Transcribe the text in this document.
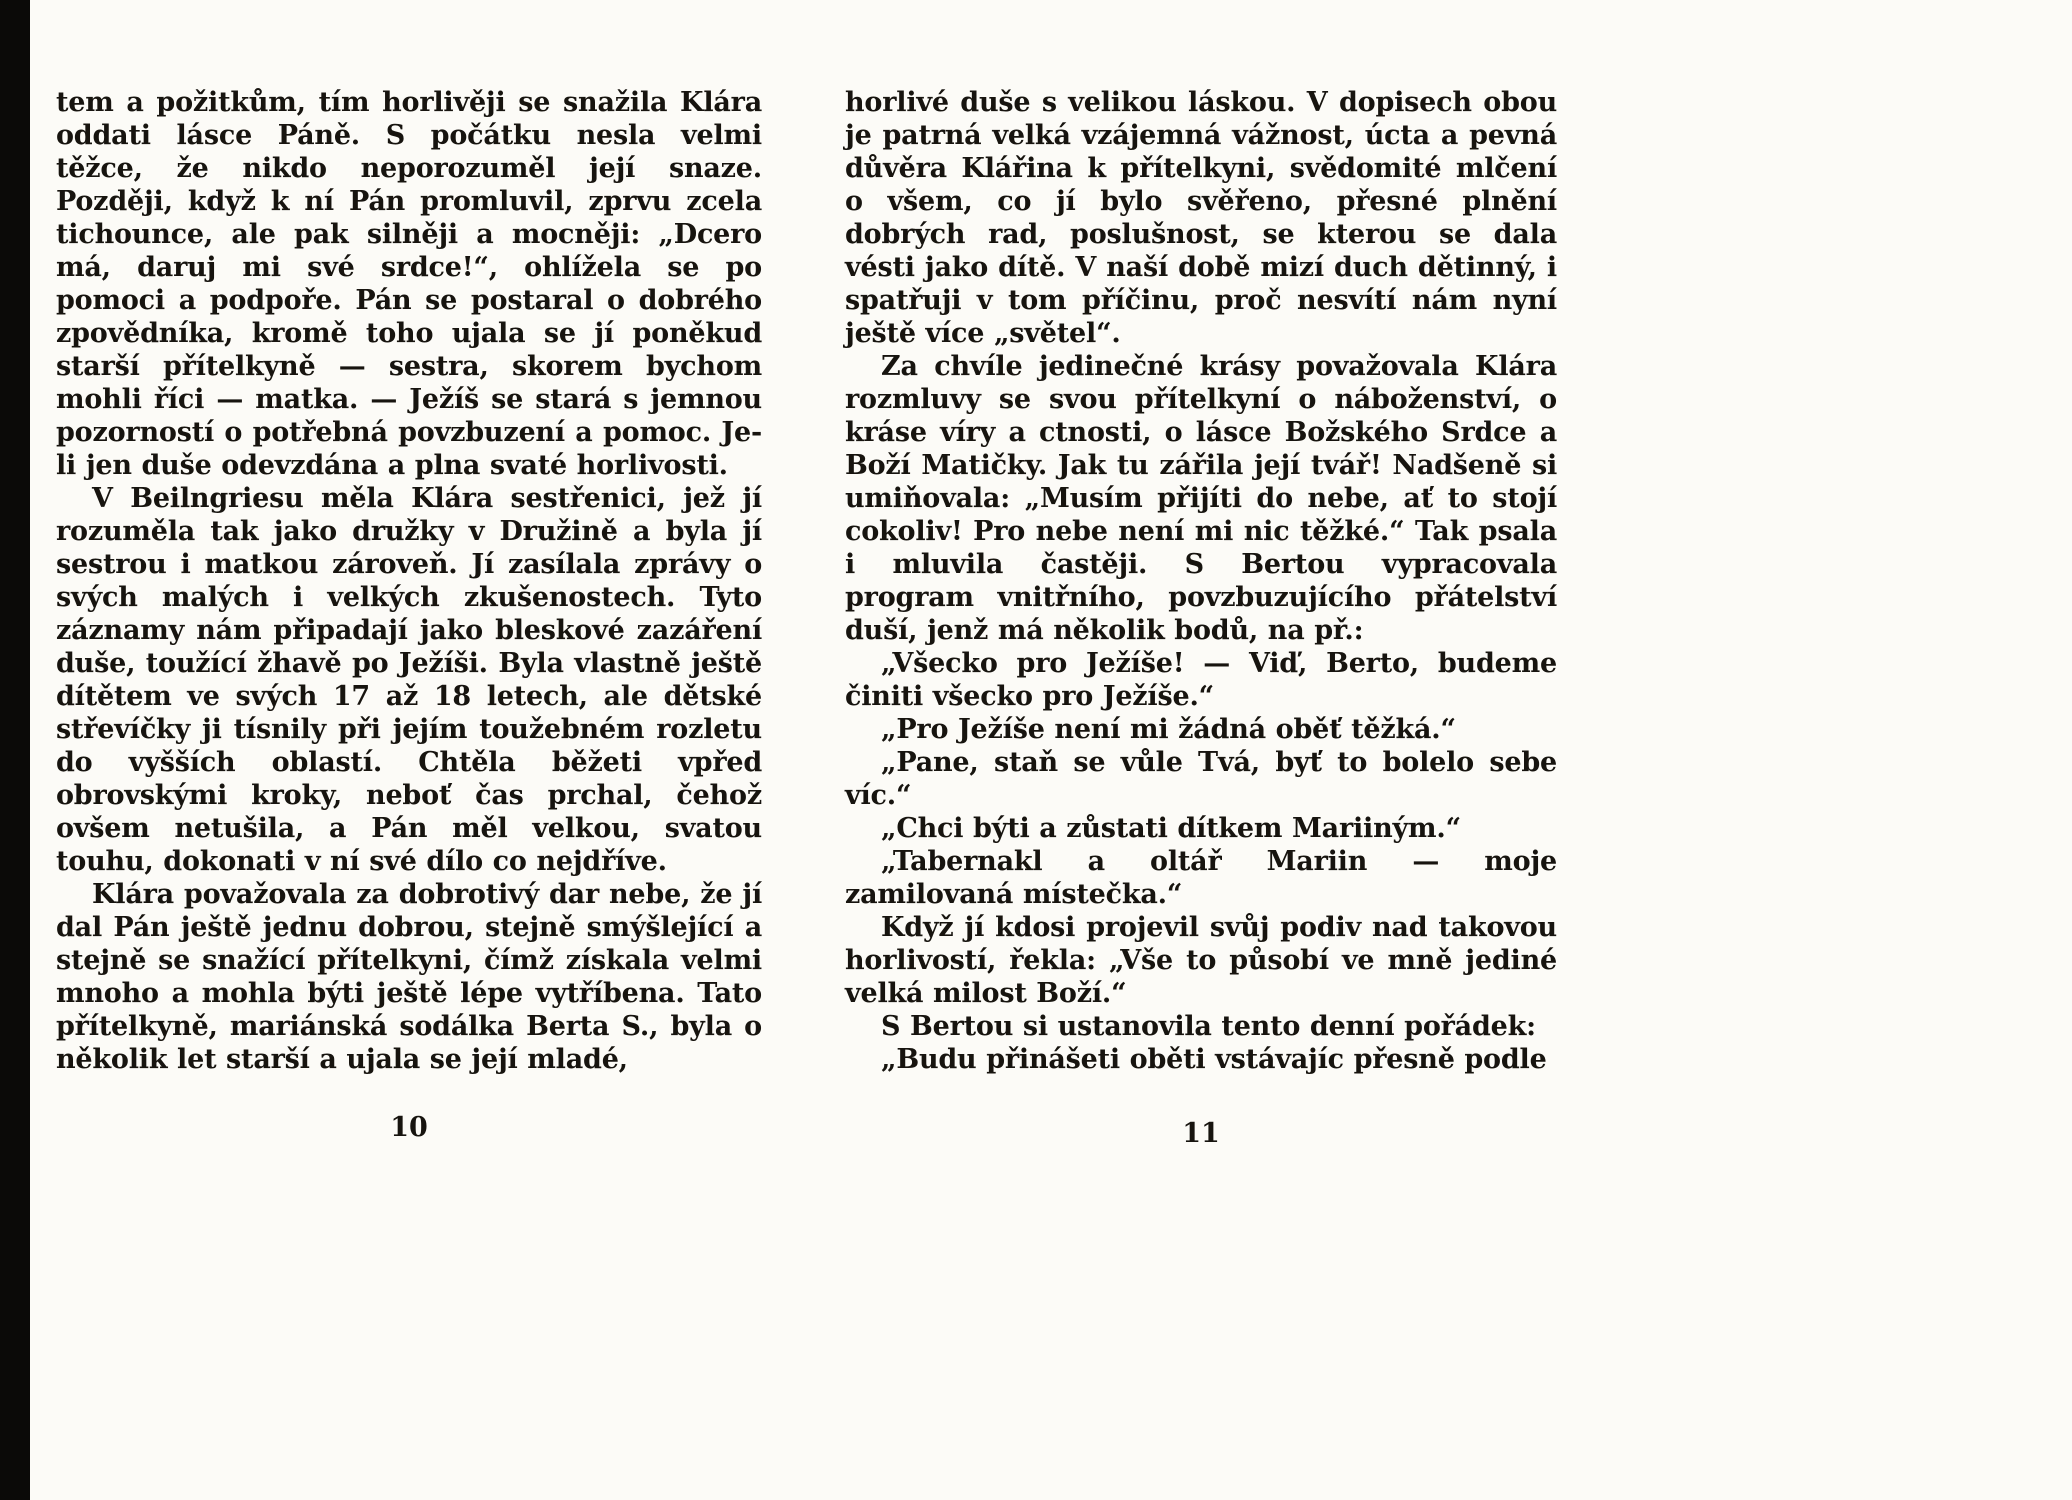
tem a požitkům, tím horlivěji se snažila Klára oddati lásce Páně. S počátku nesla velmi těžce, že nikdo neporozuměl její snaze. Později, když k ní Pán promluvil, zprvu zcela tichounce, ale pak silněji a mocněji: „Dcero má, daruj mi své srdce!“, ohlížela se po pomoci a podpoře. Pán se postaral o dobrého zpovědníka, kromě toho ujala se jí poněkud starší přítelkyně — sestra, skorem bychom mohli říci — matka. — Ježíš se stará s jemnou pozorností o potřebná povzbuzení a pomoc. Je-li jen duše odevzdána a plna svaté horlivosti.

V Beilngriesu měla Klára sestřenici, jež jí rozuměla tak jako družky v Družině a byla jí sestrou i matkou zároveň. Jí zasílala zprávy o svých malých i velkých zkušenostech. Tyto záznamy nám připadají jako bleskové zazáření duše, toužící žhavě po Ježíši. Byla vlastně ještě dítětem ve svých 17 až 18 letech, ale dětské střevíčky ji tísnily při jejím toužebném rozletu do vyšších oblastí. Chtěla běžeti vpřed obrovskými kroky, neboť čas prchal, čehož ovšem netušila, a Pán měl velkou, svatou touhu, dokonati v ní své dílo co nejdříve.

Klára považovala za dobrotivý dar nebe, že jí dal Pán ještě jednu dobrou, stejně smýšlející a stejně se snažící přítelkyni, čímž získala velmi mnoho a mohla býti ještě lépe vytříbena. Tato přítelkyně, mariánská sodálka Berta S., byla o několik let starší a ujala se její mladé,

10

horlivé duše s velikou láskou. V dopisech obou je patrná velká vzájemná vážnost, úcta a pevná důvěra Klářina k přítelkyni, svědomité mlčení o všem, co jí bylo svěřeno, přesné plnění dobrých rad, poslušnost, se kterou se dala vésti jako dítě. V naší době mizí duch dětinný, i spatřuji v tom příčinu, proč nesvítí nám nyní ještě více „světel“.

Za chvíle jedinečné krásy považovala Klára rozmluvy se svou přítelkyní o náboženství, o kráse víry a ctnosti, o lásce Božského Srdce a Boží Matičky. Jak tu zářila její tvář! Nadšeně si umiňovala: „Musím přijíti do nebe, ať to stojí cokoliv! Pro nebe není mi nic těžké.“ Tak psala i mluvila častěji. S Bertou vypracovala program vnitřního, povzbuzujícího přátelství duší, jenž má několik bodů, na př.:

„Všecko pro Ježíše! — Viď, Berto, budeme činiti všecko pro Ježíše.“

„Pro Ježíše není mi žádná oběť těžká.“

„Pane, staň se vůle Tvá, byť to bolelo sebe víc.“

„Chci býti a zůstati dítkem Mariiným.“

„Tabernakl a oltář Mariin — moje zamilovaná místečka.“

Když jí kdosi projevil svůj podiv nad takovou horlivostí, řekla: „Vše to působí ve mně jediné velká milost Boží.“

S Bertou si ustanovila tento denní pořádek:

„Budu přinášeti oběti vstávajíc přesně podle

11
